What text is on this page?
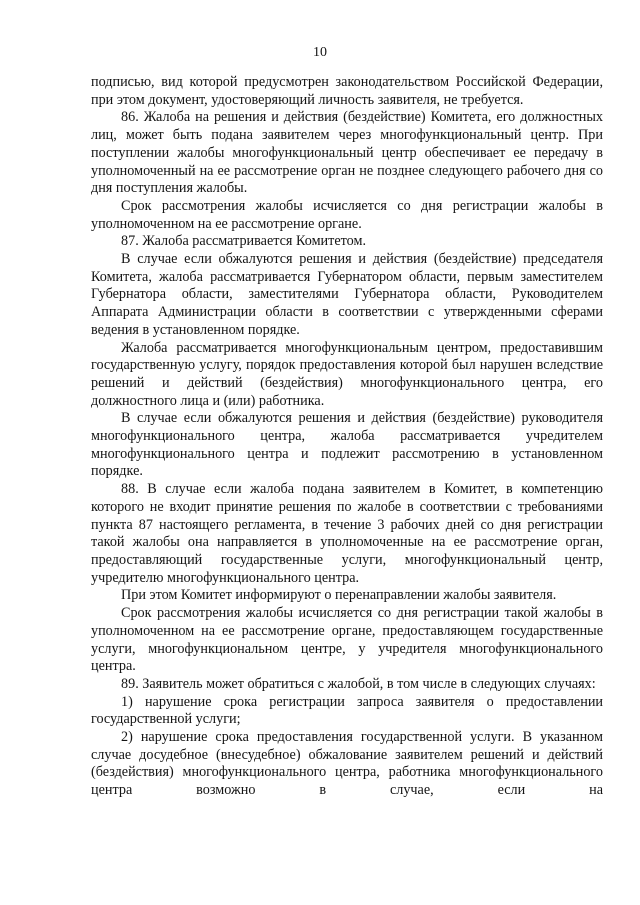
10

подписью, вид которой предусмотрен законодательством Российской Федерации, при этом документ, удостоверяющий личность заявителя, не требуется.

86. Жалоба на решения и действия (бездействие) Комитета, его должностных лиц, может быть подана заявителем через многофункциональный центр. При поступлении жалобы многофункциональный центр обеспечивает ее передачу в уполномоченный на ее рассмотрение орган не позднее следующего рабочего дня со дня поступления жалобы.

Срок рассмотрения жалобы исчисляется со дня регистрации жалобы в уполномоченном на ее рассмотрение органе.

87. Жалоба рассматривается Комитетом.

В случае если обжалуются решения и действия (бездействие) председателя Комитета, жалоба рассматривается Губернатором области, первым заместителем Губернатора области, заместителями Губернатора области, Руководителем Аппарата Администрации области в соответствии с утвержденными сферами ведения в установленном порядке.

Жалоба рассматривается многофункциональным центром, предоставившим государственную услугу, порядок предоставления которой был нарушен вследствие решений и действий (бездействия) многофункционального центра, его должностного лица и (или) работника.

В случае если обжалуются решения и действия (бездействие) руководителя многофункционального центра, жалоба рассматривается учредителем многофункционального центра и подлежит рассмотрению в установленном порядке.

88. В случае если жалоба подана заявителем в Комитет, в компетенцию которого не входит принятие решения по жалобе в соответствии с требованиями пункта 87 настоящего регламента, в течение 3 рабочих дней со дня регистрации такой жалобы она направляется в уполномоченные на ее рассмотрение орган, предоставляющий государственные услуги, многофункциональный центр, учредителю многофункционального центра.

При этом Комитет информируют о перенаправлении жалобы заявителя.

Срок рассмотрения жалобы исчисляется со дня регистрации такой жалобы в уполномоченном на ее рассмотрение органе, предоставляющем государственные услуги, многофункциональном центре, у учредителя многофункционального центра.

89. Заявитель может обратиться с жалобой, в том числе в следующих случаях:

1) нарушение срока регистрации запроса заявителя о предоставлении государственной услуги;

2) нарушение срока предоставления государственной услуги. В указанном случае досудебное (внесудебное) обжалование заявителем решений и действий (бездействия) многофункционального центра, работника многофункционального центра возможно в случае, если на
